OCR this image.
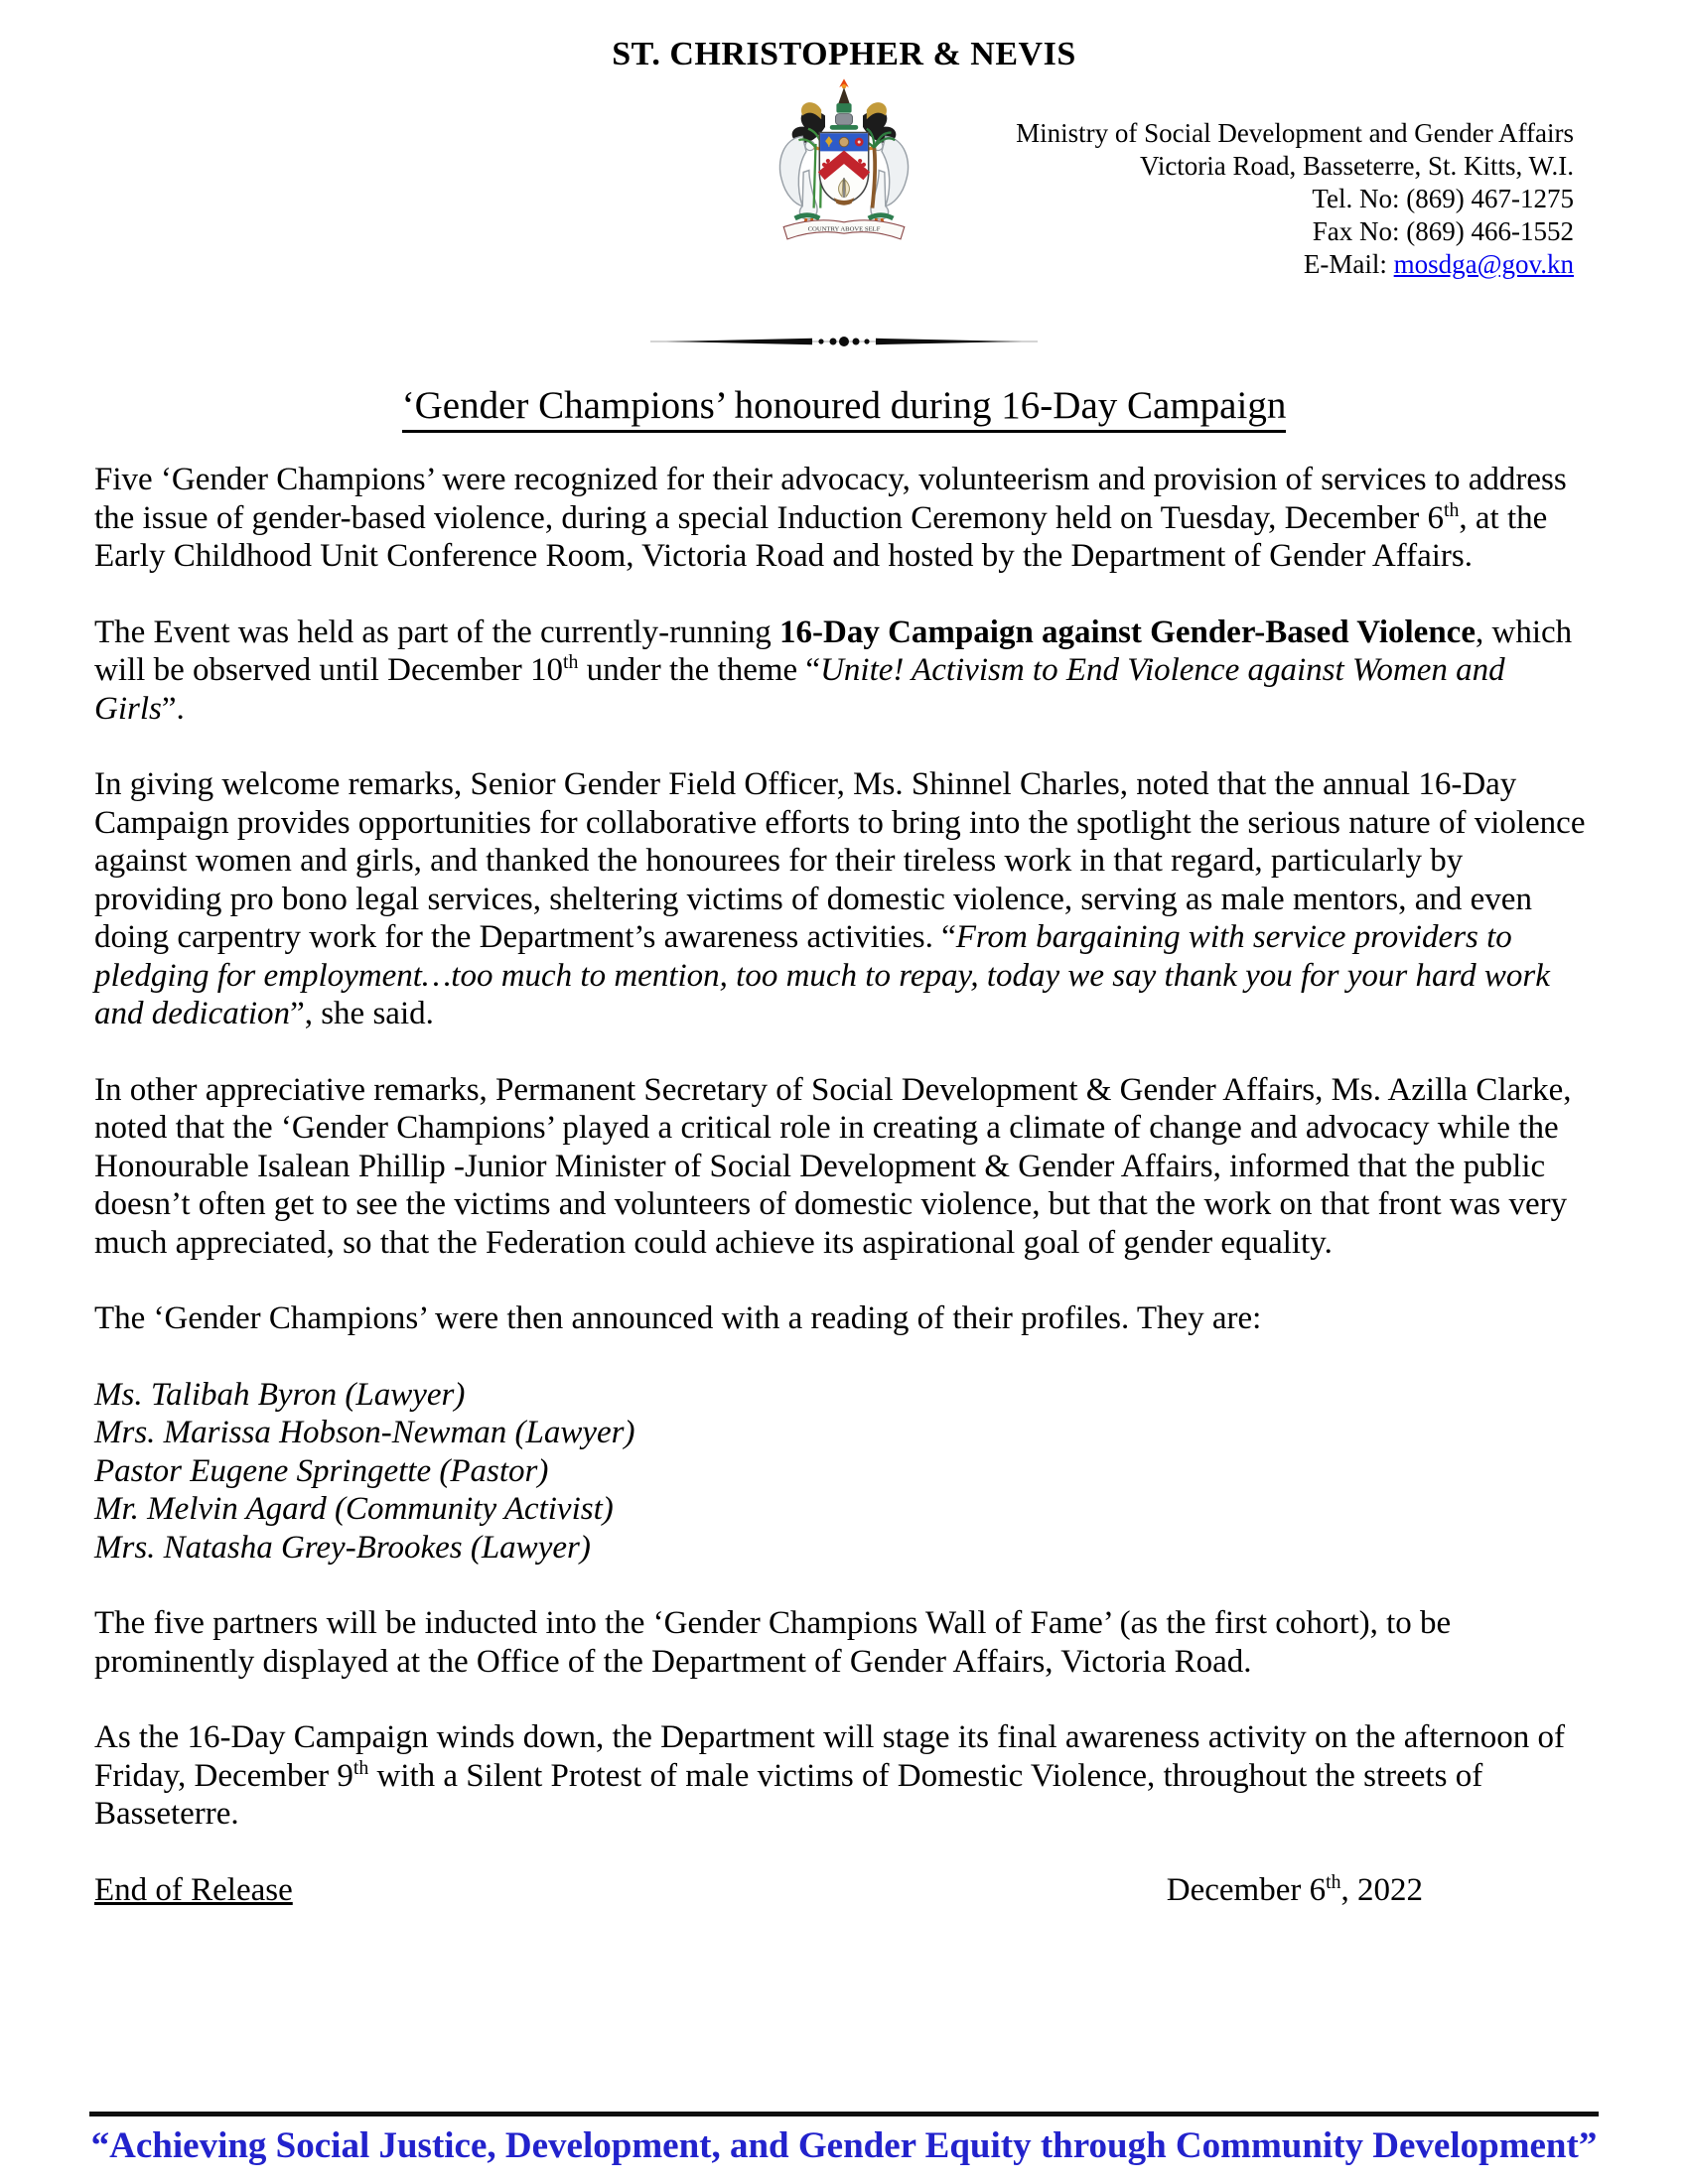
ST. CHRISTOPHER & NEVIS
COUNTRY ABOVE SELF
Ministry of Social Development and Gender Affairs
Victoria Road, Basseterre, St. Kitts, W.I.
Tel. No: (869) 467-1275
Fax No: (869) 466-1552
E-Mail: mosdga@gov.kn
‘Gender Champions’ honoured during 16-Day Campaign

Five ‘Gender Champions’ were recognized for their advocacy, volunteerism and provision of services to address the issue of gender-based violence, during a special Induction Ceremony held on Tuesday, December 6th, at the Early Childhood Unit Conference Room, Victoria Road and hosted by the Department of Gender Affairs.

The Event was held as part of the currently-running 16-Day Campaign against Gender-Based Violence, which will be observed until December 10th under the theme “Unite! Activism to End Violence against Women and Girls”.

In giving welcome remarks, Senior Gender Field Officer, Ms. Shinnel Charles, noted that the annual 16-Day Campaign provides opportunities for collaborative efforts to bring into the spotlight the serious nature of violence against women and girls, and thanked the honourees for their tireless work in that regard, particularly by providing pro bono legal services, sheltering victims of domestic violence, serving as male mentors, and even doing carpentry work for the Department’s awareness activities. “From bargaining with service providers to pledging for employment…too much to mention, too much to repay, today we say thank you for your hard work and dedication”, she said.

In other appreciative remarks, Permanent Secretary of Social Development & Gender Affairs, Ms. Azilla Clarke, noted that the ‘Gender Champions’ played a critical role in creating a climate of change and advocacy while the Honourable Isalean Phillip -Junior Minister of Social Development & Gender Affairs, informed that the public doesn’t often get to see the victims and volunteers of domestic violence, but that the work on that front was very much appreciated, so that the Federation could achieve its aspirational goal of gender equality.

The ‘Gender Champions’ were then announced with a reading of their profiles. They are:

Ms. Talibah Byron (Lawyer)
Mrs. Marissa Hobson-Newman (Lawyer)
Pastor Eugene Springette (Pastor)
Mr. Melvin Agard (Community Activist)
Mrs. Natasha Grey-Brookes (Lawyer)

The five partners will be inducted into the ‘Gender Champions Wall of Fame’ (as the first cohort), to be prominently displayed at the Office of the Department of Gender Affairs, Victoria Road.

As the 16-Day Campaign winds down, the Department will stage its final awareness activity on the afternoon of Friday, December 9th with a Silent Protest of male victims of Domestic Violence, throughout the streets of Basseterre.

End of Release	December 6th, 2022
“Achieving Social Justice, Development, and Gender Equity through Community Development”
